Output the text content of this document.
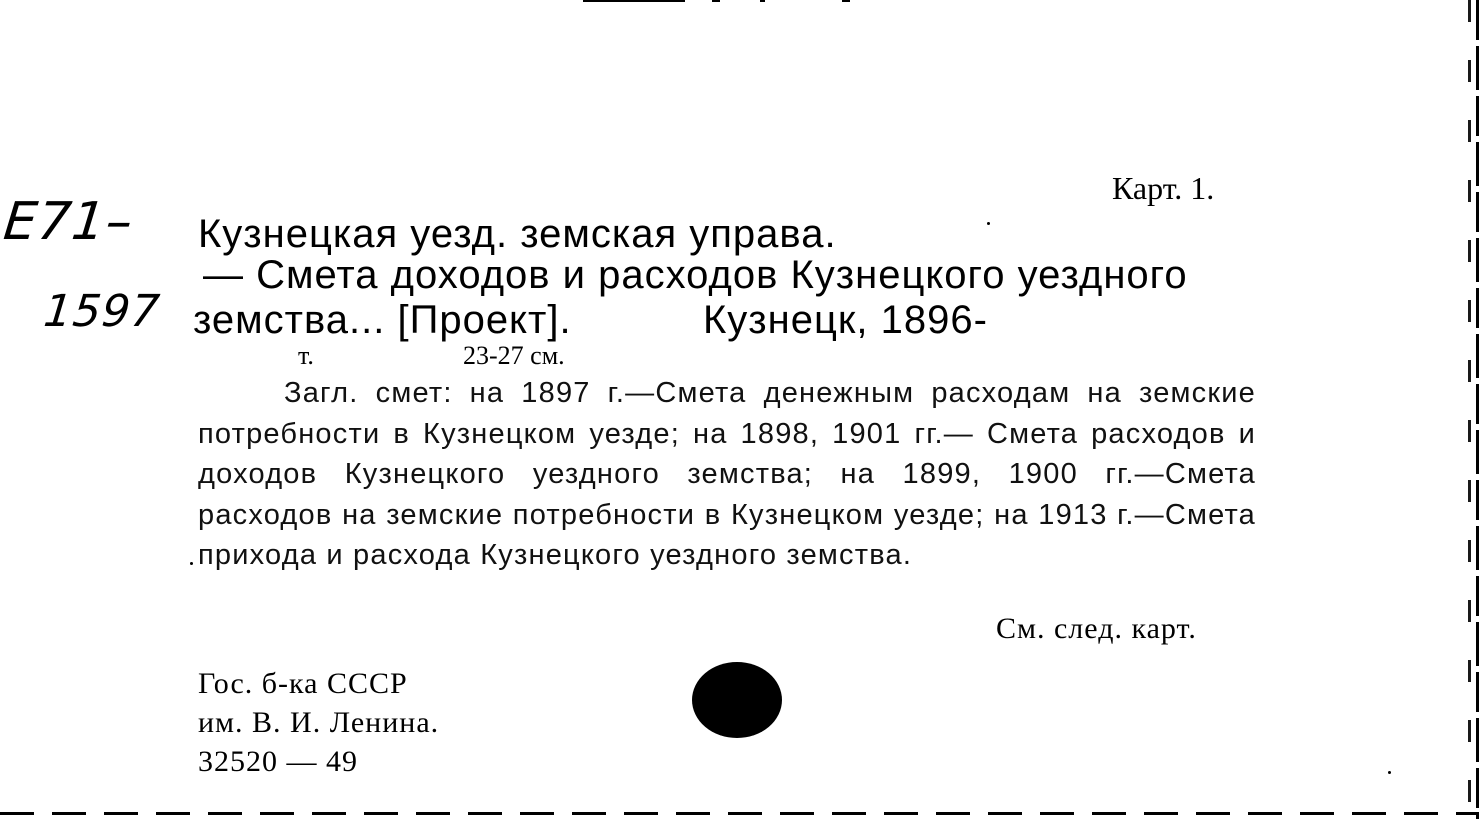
E71–
1597
Карт. 1.
Кузнецкая уезд. земская управа.
— Смета доходов и расходов Кузнецкого уездного
земства... [Проект].	Кузнецк, 1896-
т.	23-27 см.
Загл. смет: на 1897 г.—Смета денежным расходам на земские потребности в Кузнецком уезде; на 1898, 1901 гг.— Смета расходов и доходов Кузнецкого уездного земства; на 1899, 1900 гг.—Смета расходов на земские потребности в Кузнецком уезде; на 1913 г.—Смета прихода и расхода Кузнецкого уездного земства.
См. след. карт.
Гос. б-ка СССР
им. В. И. Ленина.
32520 — 49
